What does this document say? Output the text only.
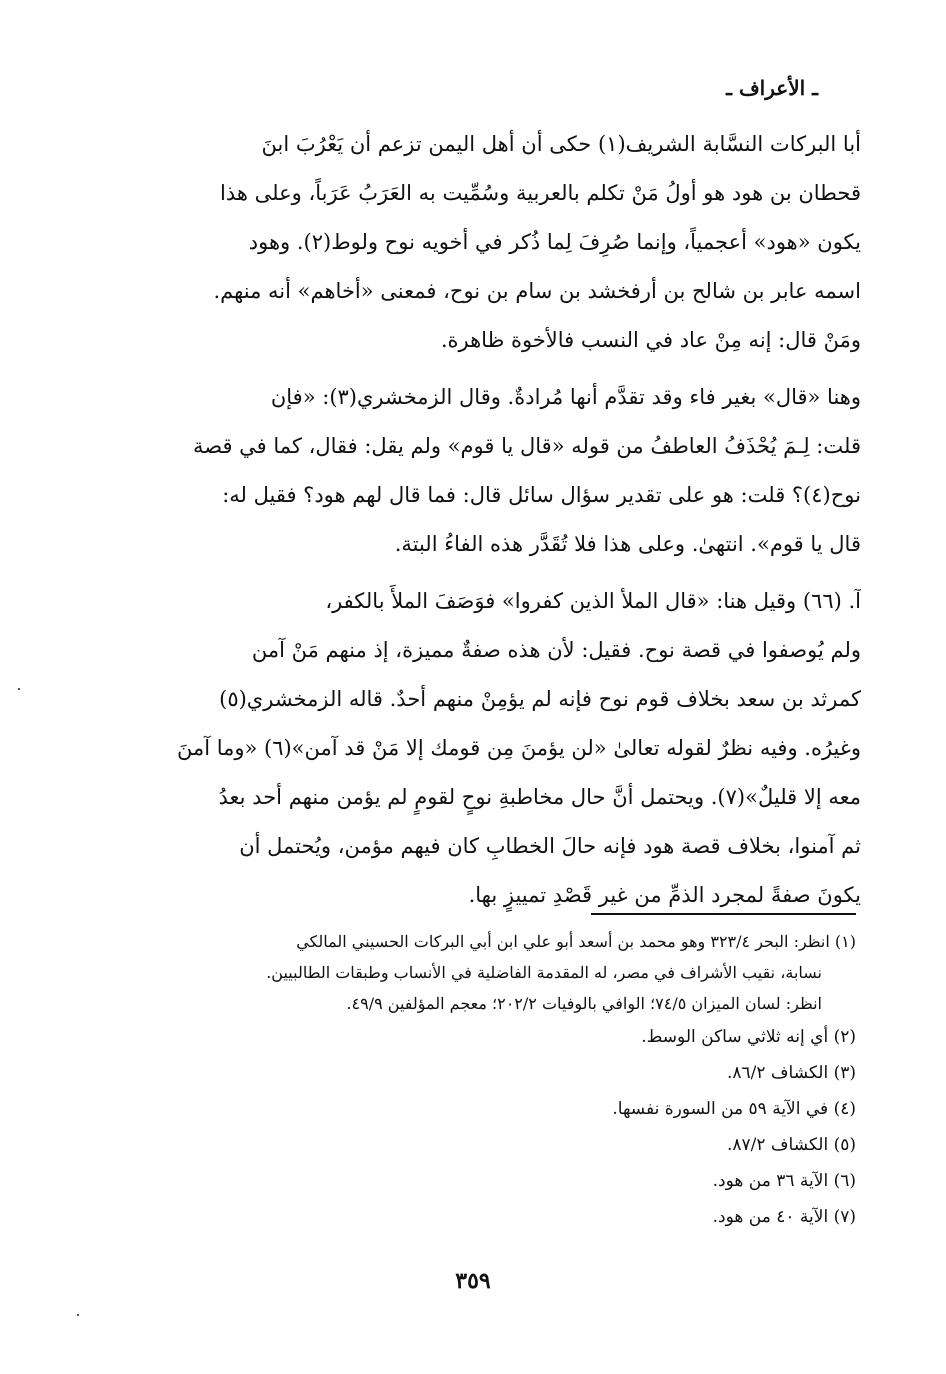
ـ الأعراف ـ
أبا البركات النسَّابة الشريف(١) حكى أن أهل اليمن تزعم أن يَعْرُبَ ابنَ
قحطان بن هود هو أولُ مَنْ تكلم بالعربية وسُمِّيت به العَرَبُ عَرَباً، وعلى هذا
يكون «هود» أعجمياً، وإنما صُرِفَ لِما ذُكر في أخويه نوح ولوط(٢). وهود
اسمه عابر بن شالح بن أرفخشد بن سام بن نوح، فمعنى «أخاهم» أنه منهم.
ومَنْ قال: إنه مِنْ عاد في النسب فالأخوة ظاهرة.
وهنا «قال» بغير فاء وقد تقدَّم أنها مُرادةٌ. وقال الزمخشري(٣): «فإن
قلت: لِـمَ يُحْذَفُ العاطفُ من قوله «قال يا قوم» ولم يقل: فقال، كما في قصة
نوح(٤)؟ قلت: هو على تقدير سؤال سائل قال: فما قال لهم هود؟ فقيل له:
قال يا قوم». انتهىٰ. وعلى هذا فلا تُقَدَّر هذه الفاءُ البتة.
آ. (٦٦) وقيل هنا: «قال الملأ الذين كفروا» فوَصَفَ الملأَ بالكفر،
ولم يُوصفوا في قصة نوح. فقيل: لأن هذه صفةٌ مميزة، إذ منهم مَنْ آمن
كمرثد بن سعد بخلاف قوم نوح فإنه لم يؤمِنْ منهم أحدٌ. قاله الزمخشري(٥)
وغيرُه. وفيه نظرٌ لقوله تعالىٰ «لن يؤمنَ مِن قومك إلا مَنْ قد آمن»(٦) «وما آمنَ
معه إلا قليلٌ»(٧). ويحتمل أنَّ حال مخاطبةِ نوحٍ لقومٍ لم يؤمن منهم أحد بعدُ
ثم آمنوا، بخلاف قصة هود فإنه حالَ الخطابِ كان فيهم مؤمن، ويُحتمل أن
يكونَ صفةً لمجرد الذمِّ من غير قَصْدِ تمييزٍ بها.
(١) انظر: البحر ٣٢٣/٤ وهو محمد بن أسعد أبو علي ابن أبي البركات الحسيني المالكي
نسابة، نقيب الأشراف في مصر، له المقدمة الفاضلية في الأنساب وطبقات الطالبيين.
انظر: لسان الميزان ٧٤/٥؛ الوافي بالوفيات ٢٠٢/٢؛ معجم المؤلفين ٤٩/٩.
(٢) أي إنه ثلاثي ساكن الوسط.
(٣) الكشاف ٨٦/٢.
(٤) في الآية ٥٩ من السورة نفسها.
(٥) الكشاف ٨٧/٢.
(٦) الآية ٣٦ من هود.
(٧) الآية ٤٠ من هود.
٣٥٩
